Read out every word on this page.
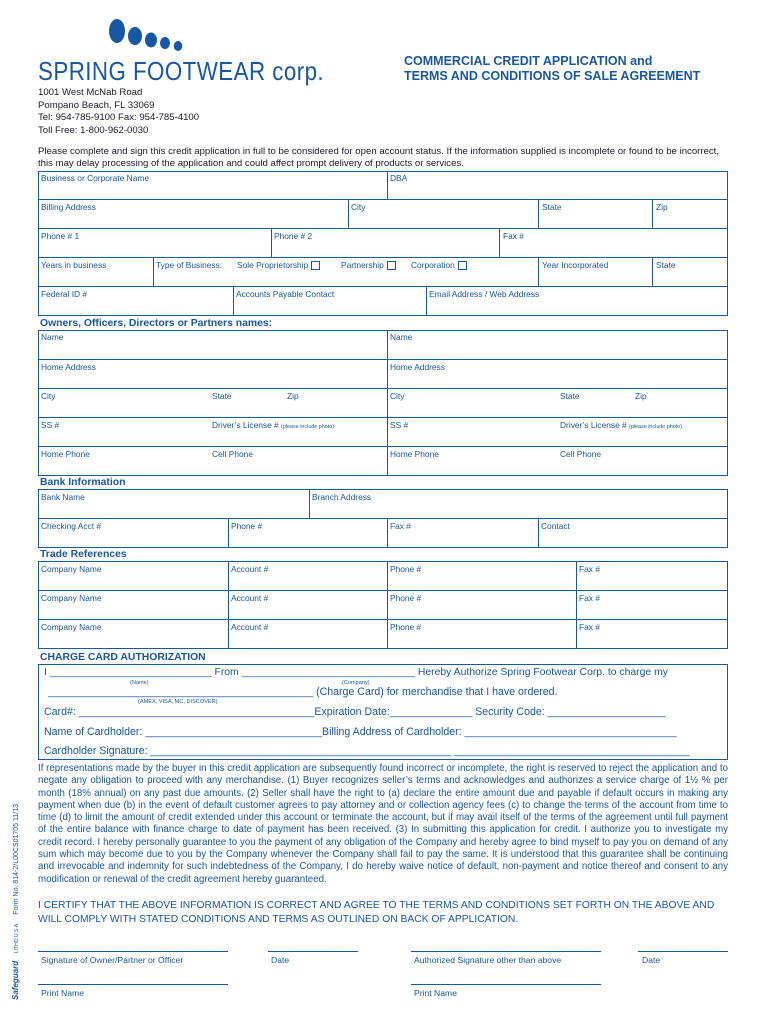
SPRING FOOTWEAR corp.	COMMERCIAL CREDIT APPLICATION and
TERMS AND CONDITIONS OF SALE AGREEMENT
1001 West McNab Road
Pompano Beach, FL 33069
Tel: 954-785-9100 Fax: 954-785-4100
Toll Free: 1-800-962-0030
Please complete and sign this credit application in full to be considered for open account status. If the information supplied is incomplete or found to be incorrect, this may delay processing of the application and could affect prompt delivery of products or services.
Business or Corporate Name	DBA
Billing Address	City	State	Zip
Phone # 1	Phone # 2	Fax #
Years in business	Type of Business: Sole Proprietorship	Partnership	Corporation	Year Incorporated	State
Federal ID #	Accounts Payable Contact	Email Address / Web Address
Owners, Officers, Directors or Partners names:
Name	Name
Home Address	Home Address
City	State	Zip	City	State	Zip
SS #	Driver’s License # (please include photo)	SS #	Driver’s License # (please include photo)
Home Phone	Cell Phone	Home Phone	Cell Phone
Bank Information
Bank Name	Branch Address
Checking Acct #	Phone #	Fax #	Contact
Trade References
Company Name	Account #	Phone #	Fax #
Company Name	Account #	Phone #	Fax #
Company Name	Account #	Phone #	Fax #
CHARGE CARD AUTHORIZATION
I ____________________________ From ______________________________ Hereby Authorize Spring Footwear Corp. to charge my
(Name)	(Company)
_____________________________________________ (Charge Card) for merchandise that I have ordered.
(AMEX, VISA, MC, DISCOVER)
Card#: ________________________________________Expiration Date:______________ Security Code: ____________________
Name of Cardholder: ______________________________Billing Address of Cardholder: ____________________________________
Cardholder Signature: ___________________________________________________ ________________________________________
If representations made by the buyer in this credit application are subsequently found incorrect or incomplete, the right is reserved to reject the application and to negate any obligation to proceed with any merchandise. (1) Buyer recognizes seller’s terms and acknowledges and authorizes a service charge of 1½ % per month (18% annual) on any past due amounts. (2) Seller shall have the right to (a) declare the entire amount due and payable if default occurs in making any payment when due (b) in the event of default customer agrees to pay attorney and or collection agency fees (c) to change the terms of the account from time to time (d) to limit the amount of credit extended under this account or terminate the account, but if may avail itself of the terms of the agreement until full payment of the entire balance with finance charge to date of payment has been received. (3) In submitting this application for credit. I authorize you to investigate my credit record. I hereby personally guarantee to you the payment of any obligation of the Company and hereby agree to bind myself to pay you on demand of any sum which may become due to you by the Company whenever the Company shall fail to pay the same. It is understood that this guarantee shall be continuing and irrevocable and indemnity for such indebtedness of the Company, I do hereby waive notice of default, non-payment and notice thereof and consent to any modification or renewal of the credit agreement hereby guaranteed.
I CERTIFY THAT THE ABOVE INFORMATION IS CORRECT AND AGREE TO THE TERMS AND CONDITIONS SET FORTH ON THE ABOVE AND WILL COMPLY WITH STATED CONDITIONS AND TERMS AS OUTLINED ON BACK OF APPLICATION.
Signature of Owner/Partner or Officer	Date	Authorized Signature other than above	Date
Print Name	Print Name
Safeguard    LITHO U.S.A.    Form No. 814-2/L00CS01705 11/13
